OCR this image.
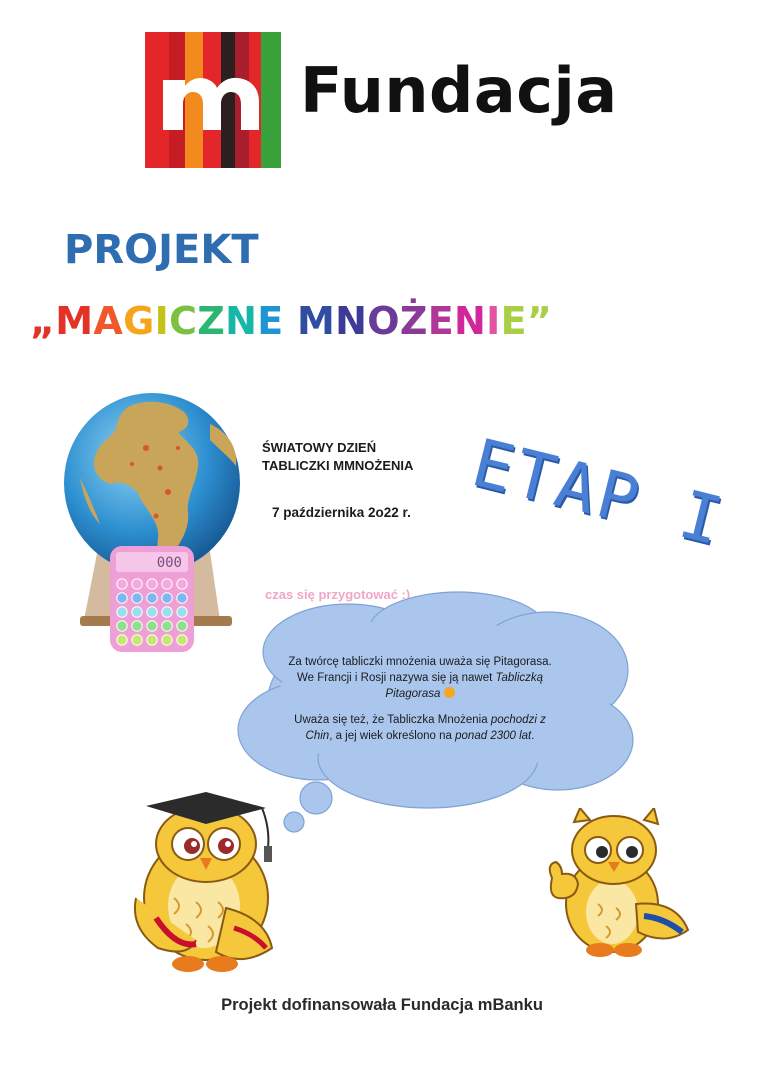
Fundacja
PROJEKT
„MAGICZNE MNOŻENIE”
000
ŚWIATOWY DZIEŃ
TABLICZKI MMNOŻENIA
7 października 2o22 r.
czas się przygotować :)
ETAP I

Za twórcę tabliczki mnożenia uważa się Pitagorasa. We Francji i Rosji nazywa się ją nawet Tabliczką Pitagorasa

Uważa się też, że Tabliczka Mnożenia pochodzi z Chin, a jej wiek określono na ponad 2300 lat.

Projekt dofinansowała Fundacja mBanku
